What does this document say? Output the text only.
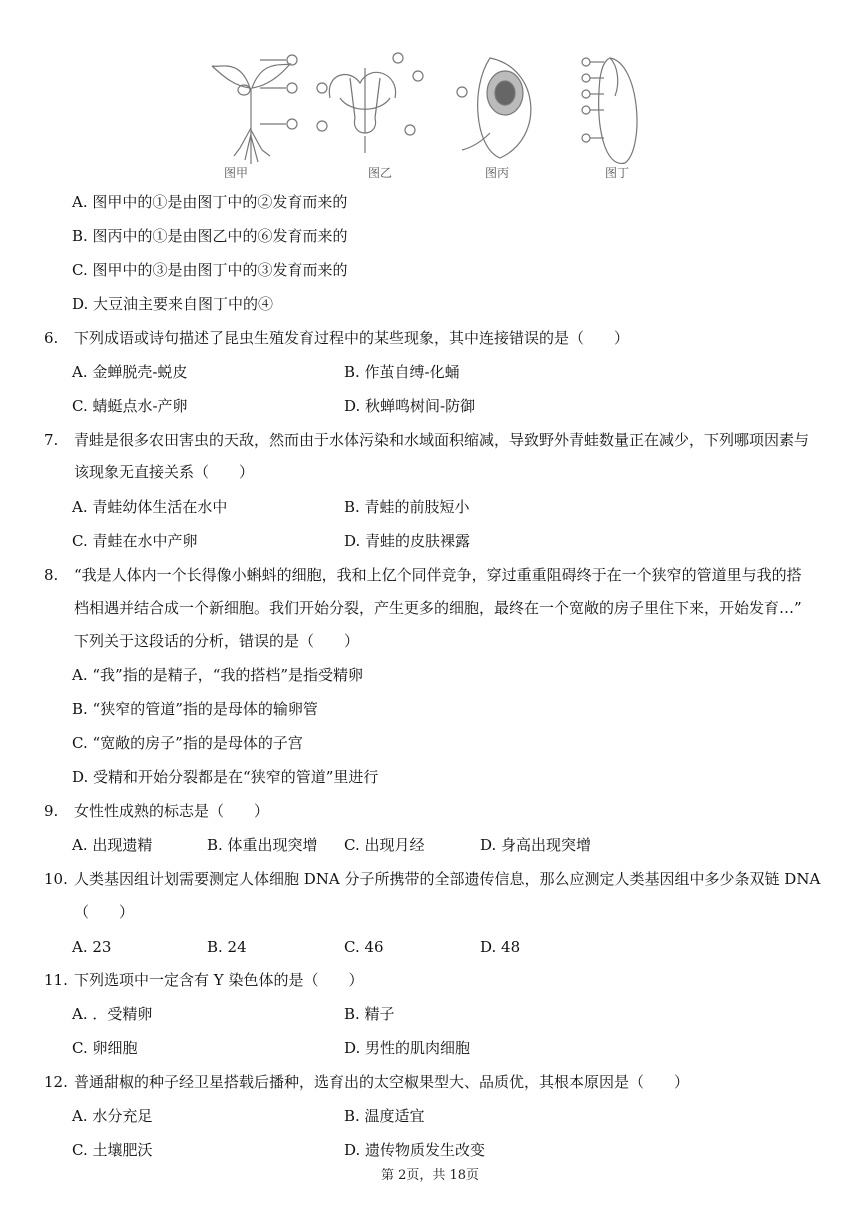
图甲	图乙	图丙	图丁
A. 图甲中的①是由图丁中的②发育而来的
B. 图丙中的①是由图乙中的⑥发育而来的
C. 图甲中的③是由图丁中的③发育而来的
D. 大豆油主要来自图丁中的④
6. 下列成语或诗句描述了昆虫生殖发育过程中的某些现象，其中连接错误的是（　　）
A. 金蝉脱壳-蜕皮	B. 作茧自缚-化蛹
C. 蜻蜓点水-产卵	D. 秋蝉鸣树间-防御
7. 青蛙是很多农田害虫的天敌，然而由于水体污染和水域面积缩减，导致野外青蛙数量正在减少，下列哪项因素与
该现象无直接关系（　　）
A. 青蛙幼体生活在水中	B. 青蛙的前肢短小
C. 青蛙在水中产卵	D. 青蛙的皮肤裸露
8. “我是人体内一个长得像小蝌蚪的细胞，我和上亿个同伴竞争，穿过重重阻碍终于在一个狭窄的管道里与我的搭
档相遇并结合成一个新细胞。我们开始分裂，产生更多的细胞，最终在一个宽敞的房子里住下来，开始发育…”
下列关于这段话的分析，错误的是（　　）
A. “我”指的是精子，“我的搭档”是指受精卵
B. “狭窄的管道”指的是母体的输卵管
C. “宽敞的房子”指的是母体的子宫
D. 受精和开始分裂都是在“狭窄的管道”里进行
9. 女性性成熟的标志是（　　）
A. 出现遗精	B. 体重出现突增 C. 出现月经	D. 身高出现突增
10. 人类基因组计划需要测定人体细胞 DNA 分子所携带的全部遗传信息，那么应测定人类基因组中多少条双链 DNA
（　　）
A. 23	B. 24	C. 46	D. 48
11. 下列选项中一定含有 Y 染色体的是（　　）
A. ．受精卵	B. 精子
C. 卵细胞	D. 男性的肌肉细胞
12. 普通甜椒的种子经卫星搭载后播种，选育出的太空椒果型大、品质优，其根本原因是（　　）
A. 水分充足	B. 温度适宜
C. 土壤肥沃	D. 遗传物质发生改变
第 2页，共 18页
